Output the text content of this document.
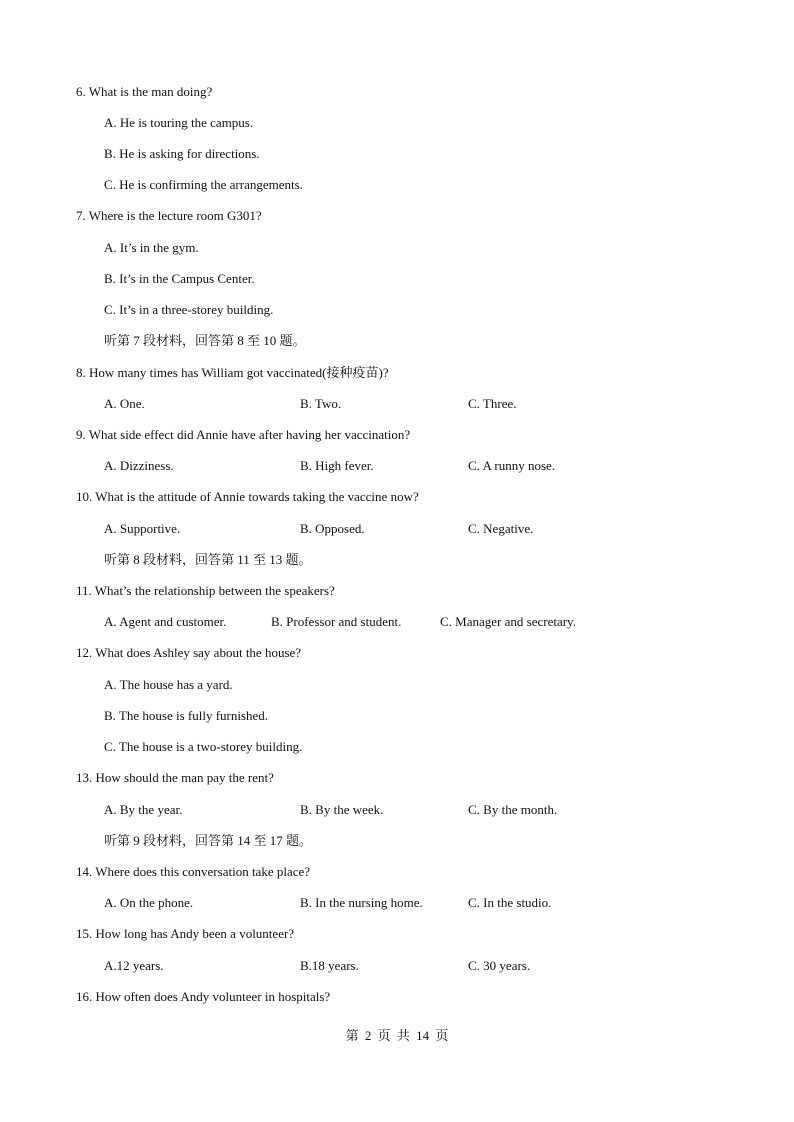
6. What is the man doing?
A. He is touring the campus.
B. He is asking for directions.
C. He is confirming the arrangements.
7. Where is the lecture room G301?
A. It’s in the gym.
B. It’s in the Campus Center.
C. It’s in a three-storey building.
听第 7 段材料，回答第 8 至 10 题。
8. How many times has William got vaccinated(接种疫苗)?
A. One.	B. Two.	C. Three.
9. What side effect did Annie have after having her vaccination?
A. Dizziness.	B. High fever.	C. A runny nose.
10. What is the attitude of Annie towards taking the vaccine now?
A. Supportive.	B. Opposed.	C. Negative.
听第 8 段材料，回答第 11 至 13 题。
11. What’s the relationship between the speakers?
A. Agent and customer.	B. Professor and student.	C. Manager and secretary.
12. What does Ashley say about the house?
A. The house has a yard.
B. The house is fully furnished.
C. The house is a two-storey building.
13. How should the man pay the rent?
A. By the year.	B. By the week.	C. By the month.
听第 9 段材料，回答第 14 至 17 题。
14. Where does this conversation take place?
A. On the phone.	B. In the nursing home.	C. In the studio.
15. How long has Andy been a volunteer?
A.12 years.	B.18 years.	C. 30 years.
16. How often does Andy volunteer in hospitals?
第 2 页 共 14 页
